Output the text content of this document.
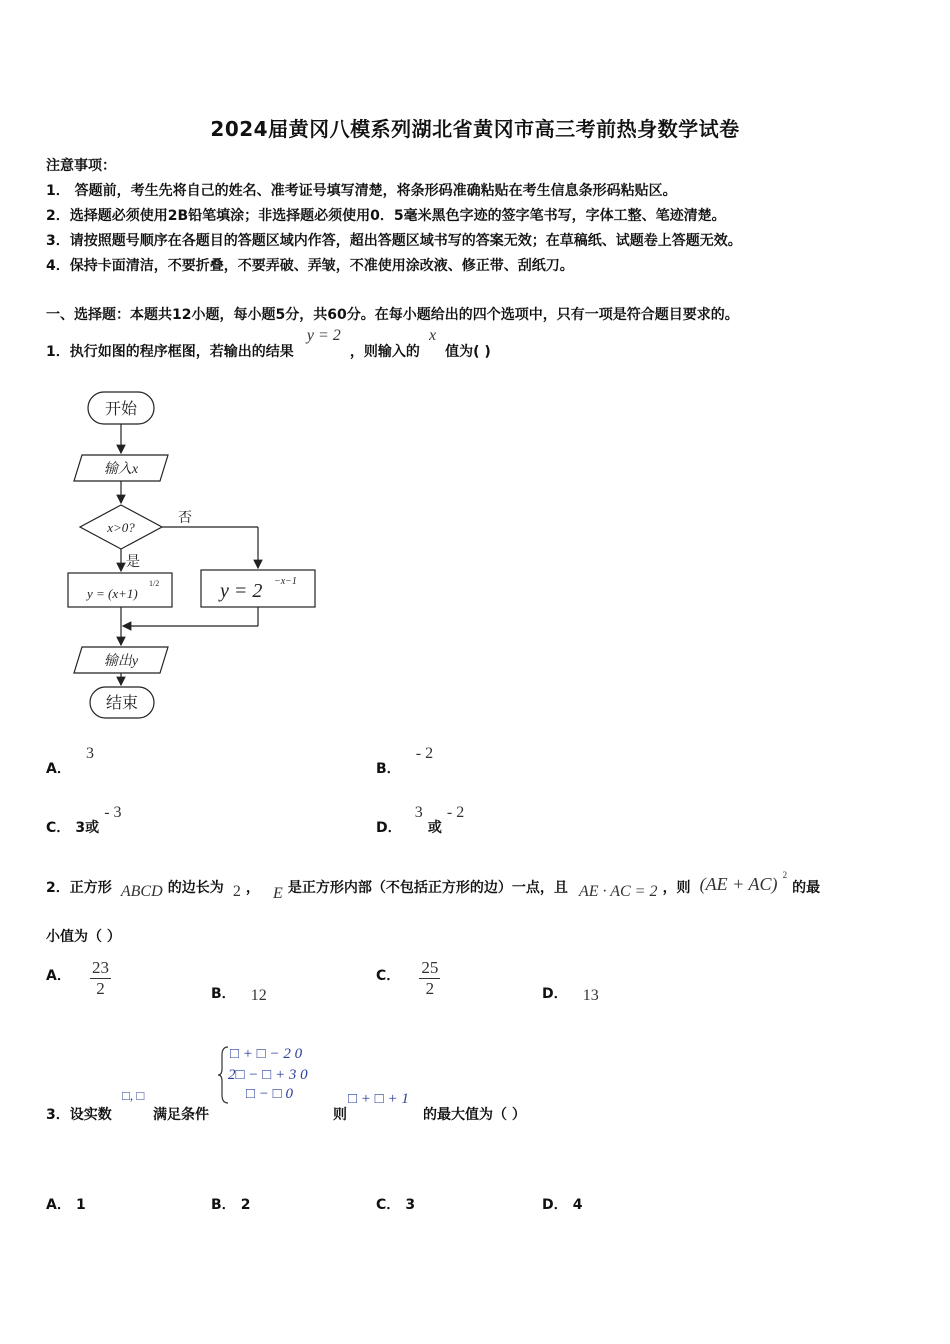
2024届黄冈八模系列湖北省黄冈市高三考前热身数学试卷
注意事项：
1． 答题前，考生先将自己的姓名、准考证号填写清楚，将条形码准确粘贴在考生信息条形码粘贴区。
2．选择题必须使用2B铅笔填涂；非选择题必须使用0．5毫米黑色字迹的签字笔书写，字体工整、笔迹清楚。
3．请按照题号顺序在各题目的答题区域内作答，超出答题区域书写的答案无效；在草稿纸、试题卷上答题无效。
4．保持卡面清洁，不要折叠，不要弄破、弄皱，不准使用涂改液、修正带、刮纸刀。
一、选择题：本题共12小题，每小题5分，共60分。在每小题给出的四个选项中，只有一项是符合题目要求的。
1．执行如图的程序框图，若输出的结果 y = 2 ，则输入的 x 值为( )
开始
输入x
x>0?
否
是
y = (x+1)
1/2	y = 2 −x−1
输出y
结束
A． 3
B． - 2
C． 3或 - 3
D． 3 或 - 2
2．正方形 ABCD 的边长为 2 ， E 是正方形内部（不包括正方形的边）一点，且 AE · AC = 2 ，则 (AE + AC) 2 的最
小值为（ ）
A． $\frac{23}{2}$	B． 12
C． $\frac{25}{2}$	D． 13
3．设实数
□, □
满足条件
□ + □ − 2 0
2□ − □ + 3 0
□ − □ 0
则
□ + □ + 1
的最大值为（ ）
A． 1	B． 2	C． 3	D． 4
